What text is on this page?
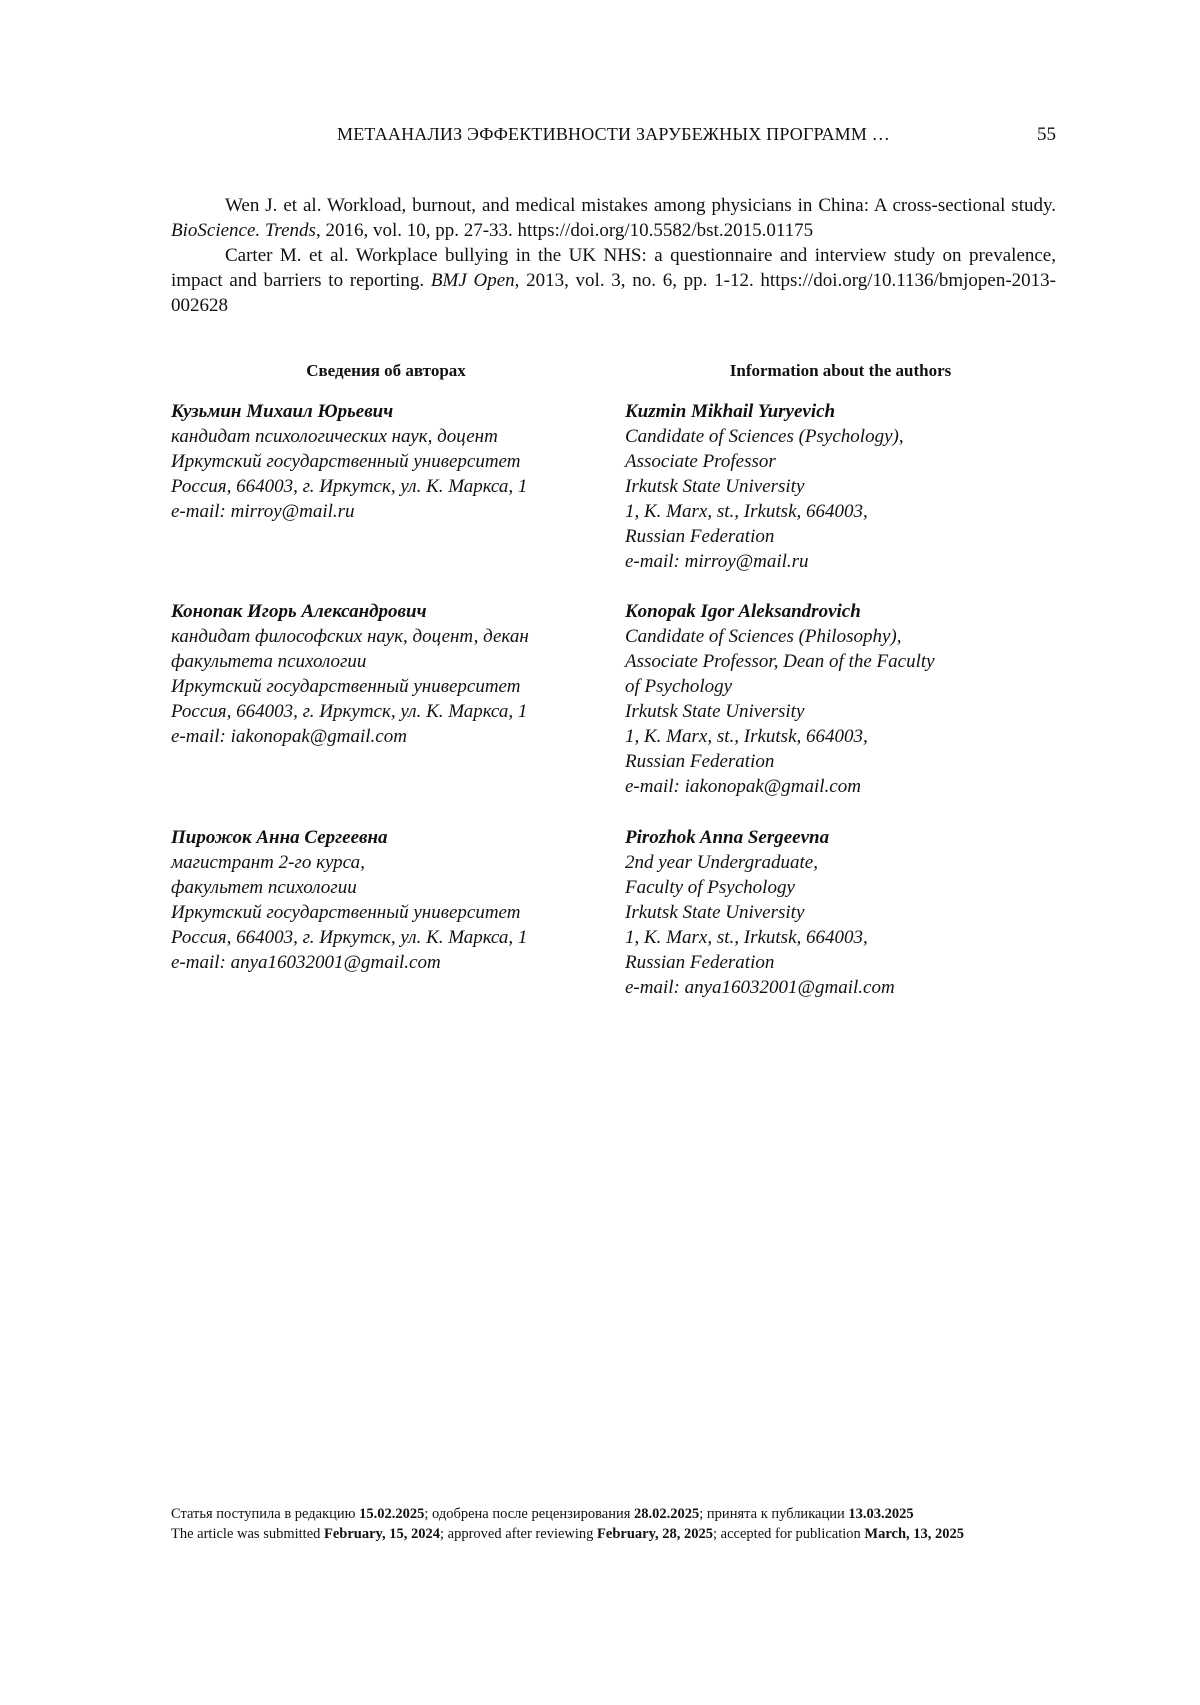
МЕТААНАЛИЗ ЭФФЕКТИВНОСТИ ЗАРУБЕЖНЫХ ПРОГРАММ …	55

Wen J. et al. Workload, burnout, and medical mistakes among physicians in China: A cross-sectional study. BioScience. Trends, 2016, vol. 10, pp. 27-33. https://doi.org/10.5582/bst.2015.01175

Carter M. et al. Workplace bullying in the UK NHS: a questionnaire and interview study on prevalence, impact and barriers to reporting. BMJ Open, 2013, vol. 3, no. 6, pp. 1-12. https://doi.org/10.1136/bmjopen-2013-002628

Сведения об авторах
Кузьмин Михаил Юрьевич
кандидат психологических наук, доцент
Иркутский государственный университет
Россия, 664003, г. Иркутск, ул. К. Маркса, 1
e-mail: mirroy@mail.ru
Конопак Игорь Александрович
кандидат философских наук, доцент, декан
факультета психологии
Иркутский государственный университет
Россия, 664003, г. Иркутск, ул. К. Маркса, 1
e-mail: iakonopak@gmail.com
Пирожок Анна Сергеевна
магистрант 2-го курса,
факультет психологии
Иркутский государственный университет
Россия, 664003, г. Иркутск, ул. К. Маркса, 1
e-mail: anya16032001@gmail.com
Information about the authors
Kuzmin Mikhail Yuryevich
Candidate of Sciences (Psychology),
Associate Professor
Irkutsk State University
1, K. Marx, st., Irkutsk, 664003,
Russian Federation
e-mail: mirroy@mail.ru
Konopak Igor Aleksandrovich
Candidate of Sciences (Philosophy),
Associate Professor, Dean of the Faculty
of Psychology
Irkutsk State University
1, K. Marx, st., Irkutsk, 664003,
Russian Federation
e-mail: iakonopak@gmail.com
Pirozhok Anna Sergeevna
2nd year Undergraduate,
Faculty of Psychology
Irkutsk State University
1, K. Marx, st., Irkutsk, 664003,
Russian Federation
e-mail: anya16032001@gmail.com

Статья поступила в редакцию 15.02.2025; одобрена после рецензирования 28.02.2025; принята к публикации 13.03.2025

The article was submitted February, 15, 2024; approved after reviewing February, 28, 2025; accepted for publication March, 13, 2025
